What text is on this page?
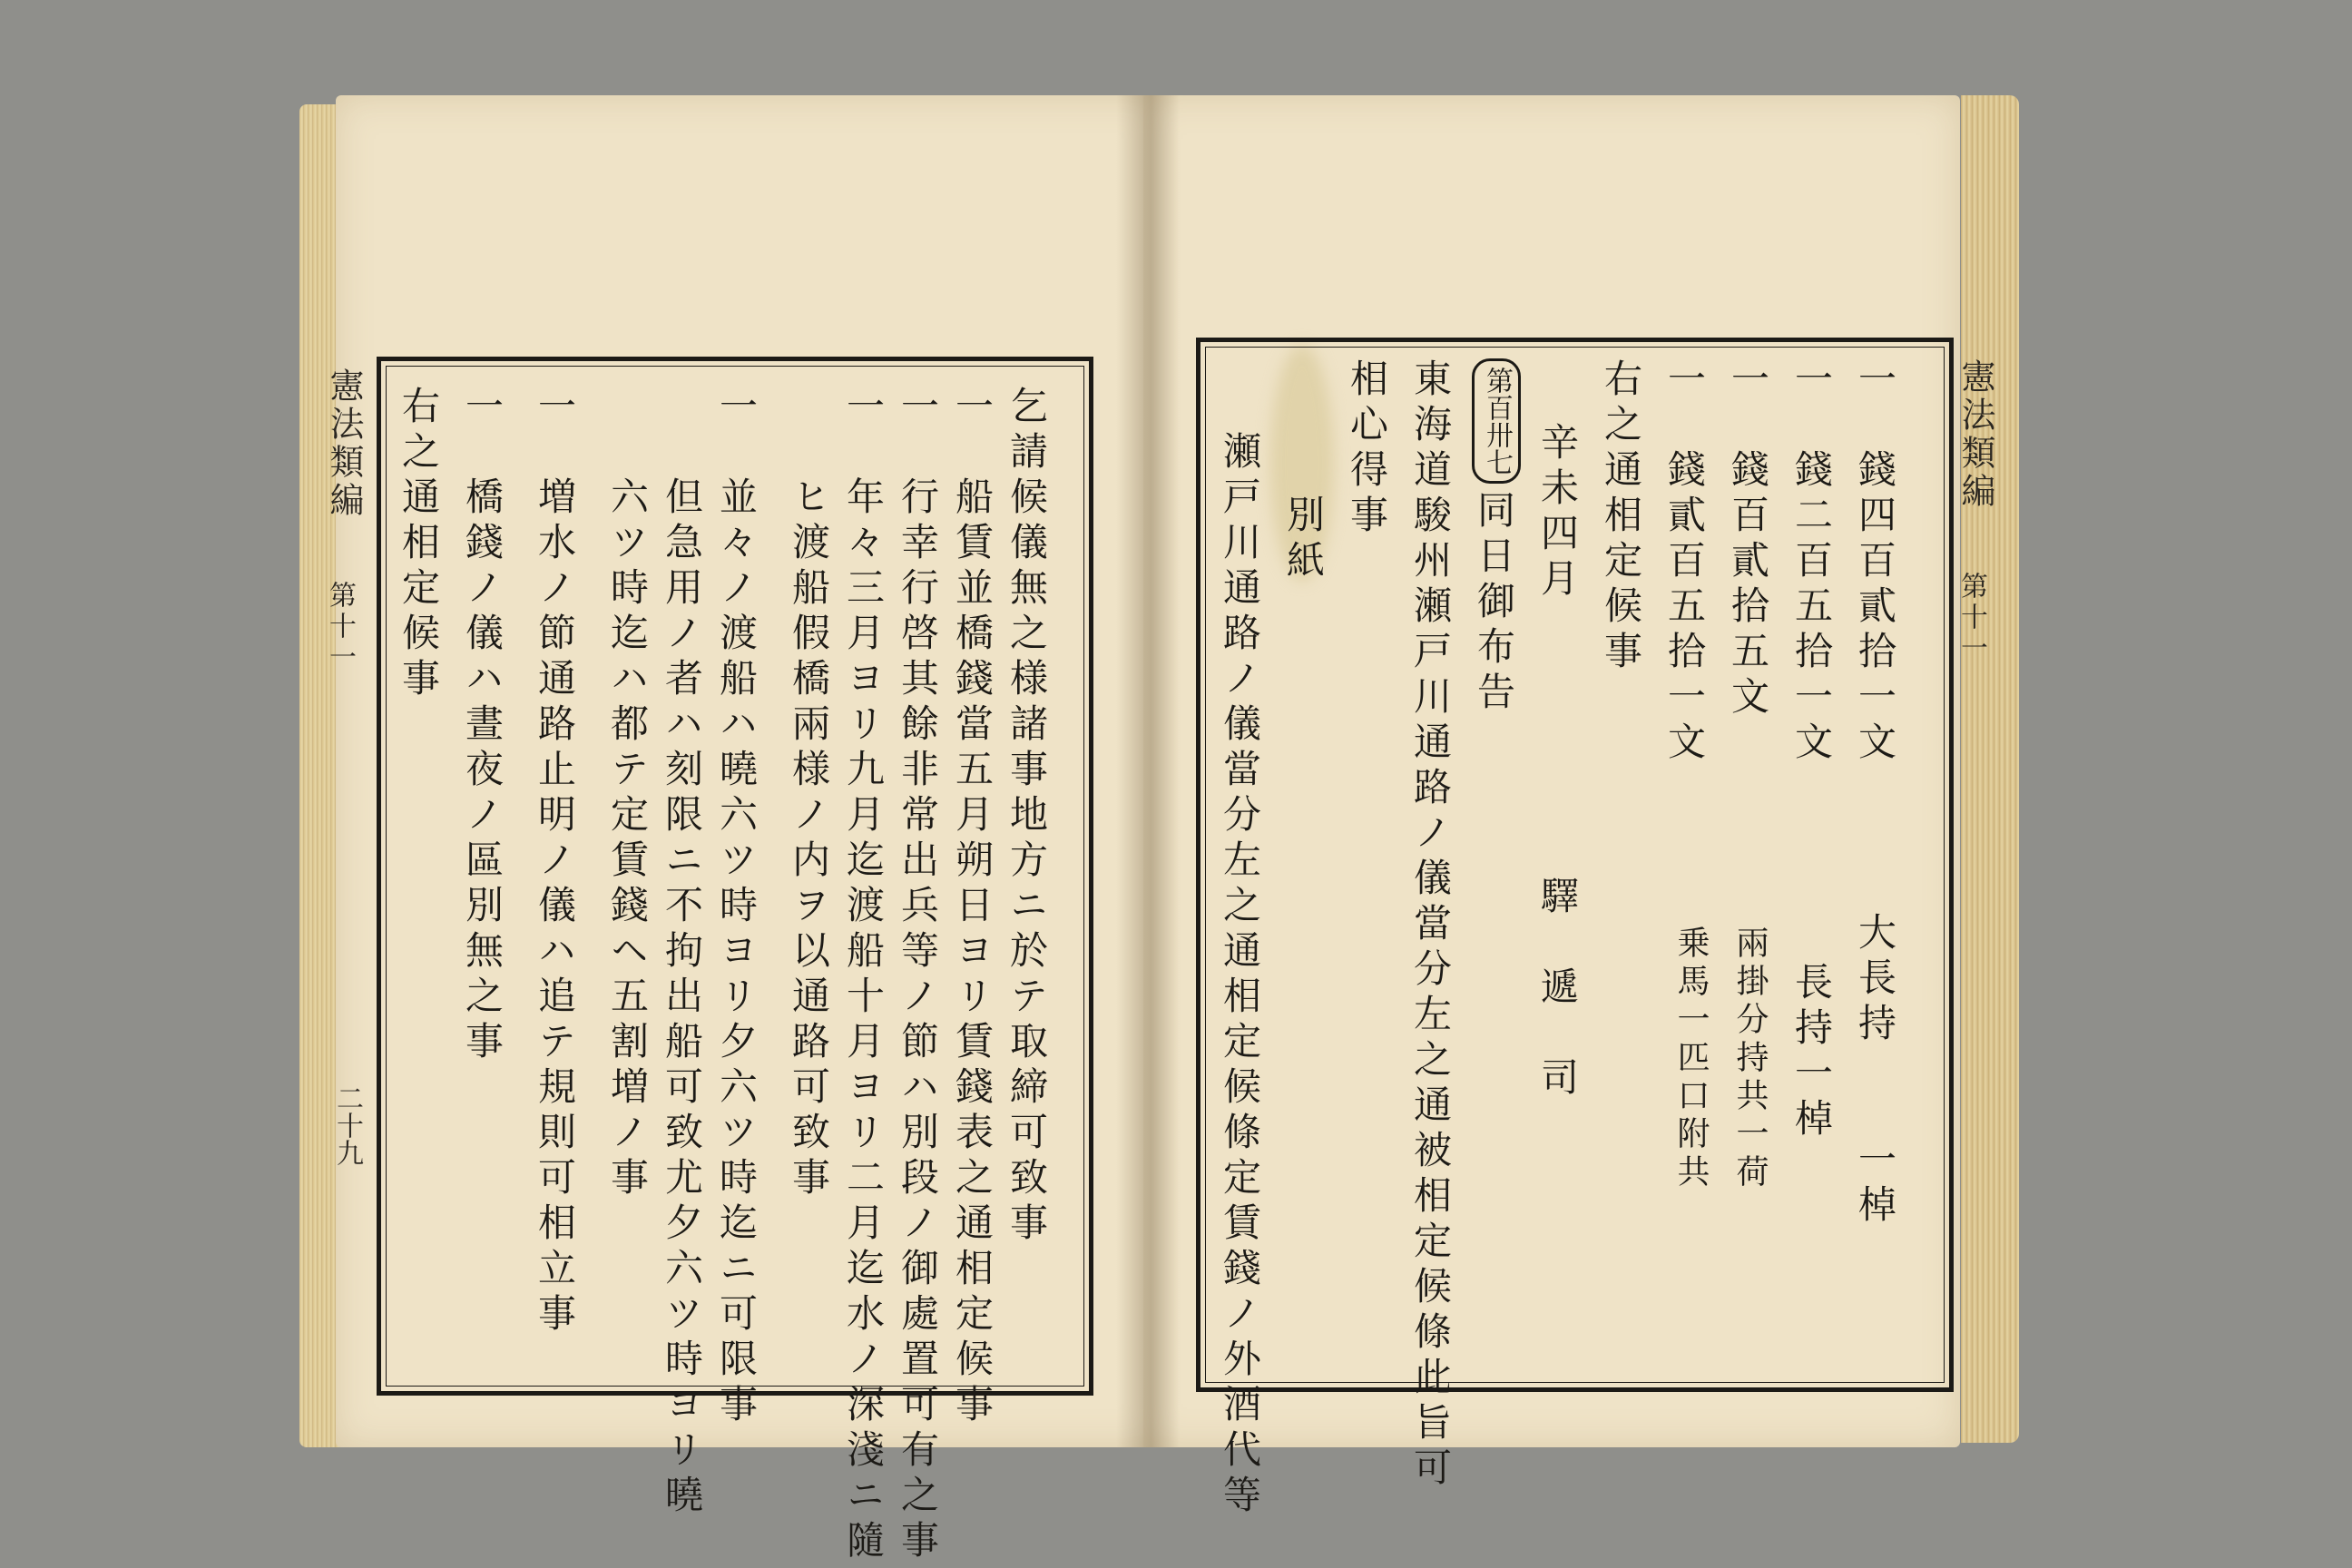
憲法類編
第十一
二十九	乞請候儀無之様諸事地方ニ於テ取締可致事
一　船賃並橋錢當五月朔日ヨリ賃錢表之通相定候事
一　行幸行啓其餘非常出兵等ノ節ハ別段ノ御處置可有之事
一　年々三月ヨリ九月迄渡船十月ヨリ二月迄水ノ深淺ニ隨
　　ヒ渡船假橋兩様ノ内ヲ以通路可致事
一　並々ノ渡船ハ曉六ツ時ヨリ夕六ツ時迄ニ可限事
　　但急用ノ者ハ刻限ニ不拘出船可致尤夕六ツ時ヨリ曉
　　六ツ時迄ハ都テ定賃錢ヘ五割増ノ事
一　増水ノ節通路止明ノ儀ハ追テ規則可相立事
一　橋錢ノ儀ハ晝夜ノ區別無之事
右之通相定候事	憲法類編
第十一
一　錢四百貳拾一文
一　錢二百五拾一文
一　錢百貳拾五文
一　錢貳百五拾一文
大長持　　一棹
長持一棹
兩掛分持共一荷
乗馬一匹口附共
右之通相定候事
驛　遞　司
辛未四月
第百卅七
同日御布告
東海道駿州瀬戸川通路ノ儀當分左之通被相定候條此旨可
相心得事
別紙
瀬戸川通路ノ儀當分左之通相定候條定賃錢ノ外酒代等
